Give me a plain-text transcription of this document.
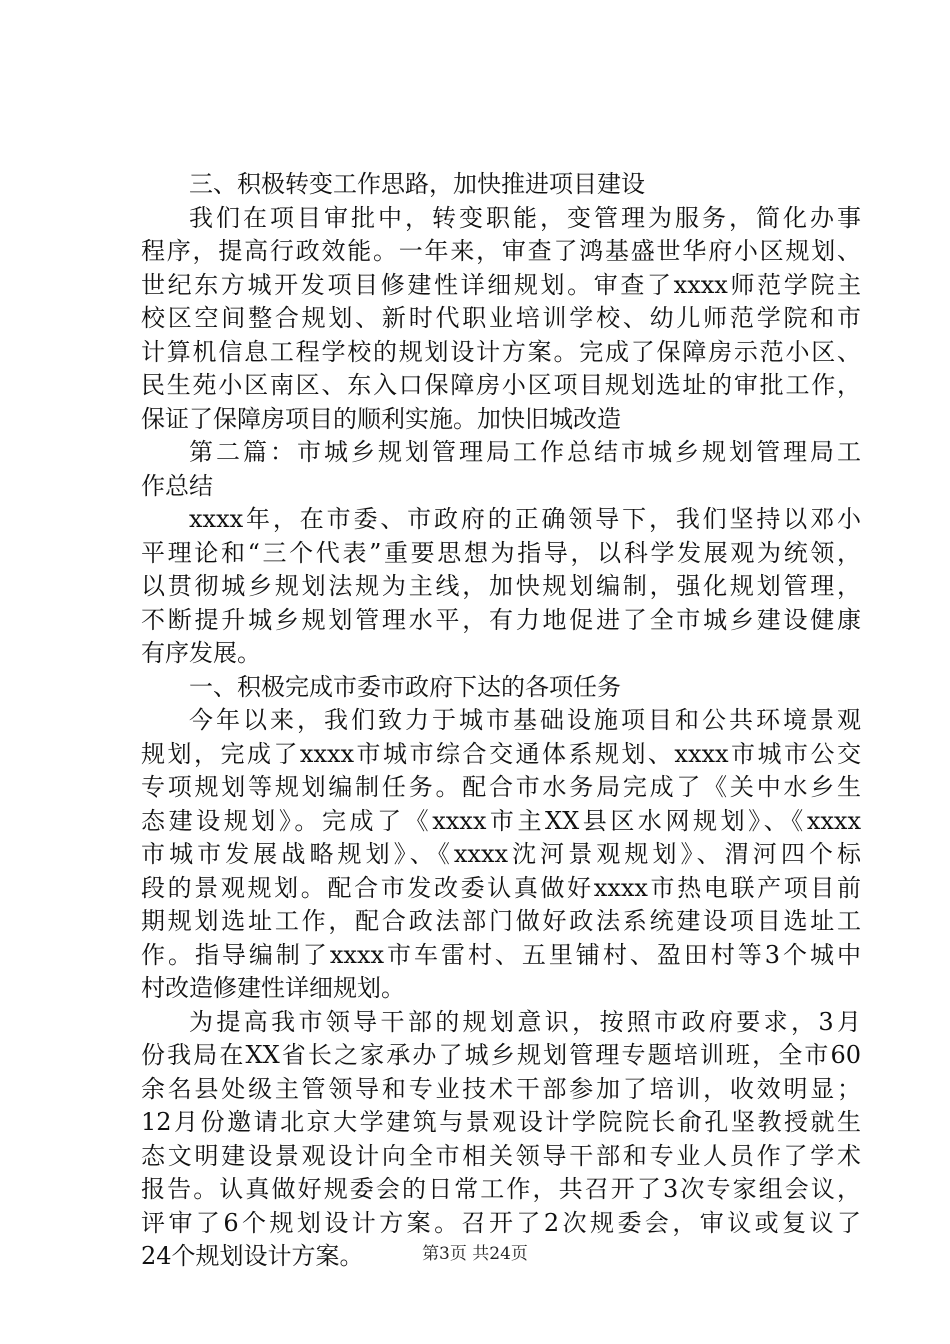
三、积极转变工作思路，加快推进项目建设
我们在项目审批中，转变职能，变管理为服务，简化办事
程序，提高行政效能。一年来，审查了鸿基盛世华府小区规划、
世纪东方城开发项目修建性详细规划。审查了xxxx师范学院主
校区空间整合规划、新时代职业培训学校、幼儿师范学院和市
计算机信息工程学校的规划设计方案。完成了保障房示范小区、
民生苑小区南区、东入口保障房小区项目规划选址的审批工作，
保证了保障房项目的顺利实施。加快旧城改造
第二篇：市城乡规划管理局工作总结市城乡规划管理局工
作总结
xxxx年，在市委、市政府的正确领导下，我们坚持以邓小
平理论和“三个代表”重要思想为指导，以科学发展观为统领，
以贯彻城乡规划法规为主线，加快规划编制，强化规划管理，
不断提升城乡规划管理水平，有力地促进了全市城乡建设健康
有序发展。
一、积极完成市委市政府下达的各项任务
今年以来，我们致力于城市基础设施项目和公共环境景观
规划，完成了xxxx市城市综合交通体系规划、xxxx市城市公交
专项规划等规划编制任务。配合市水务局完成了《关中水乡生
态建设规划》。完成了《xxxx市主XX县区水网规划》、《xxxx
市城市发展战略规划》、《xxxx沈河景观规划》、渭河四个标
段的景观规划。配合市发改委认真做好xxxx市热电联产项目前
期规划选址工作，配合政法部门做好政法系统建设项目选址工
作。指导编制了xxxx市车雷村、五里铺村、盈田村等3个城中
村改造修建性详细规划。
为提高我市领导干部的规划意识，按照市政府要求，3月
份我局在XX省长之家承办了城乡规划管理专题培训班，全市60
余名县处级主管领导和专业技术干部参加了培训，收效明显；
12月份邀请北京大学建筑与景观设计学院院长俞孔坚教授就生
态文明建设景观设计向全市相关领导干部和专业人员作了学术
报告。认真做好规委会的日常工作，共召开了3次专家组会议，
评审了6个规划设计方案。召开了2次规委会，审议或复议了
24个规划设计方案。	第3页 共24页
